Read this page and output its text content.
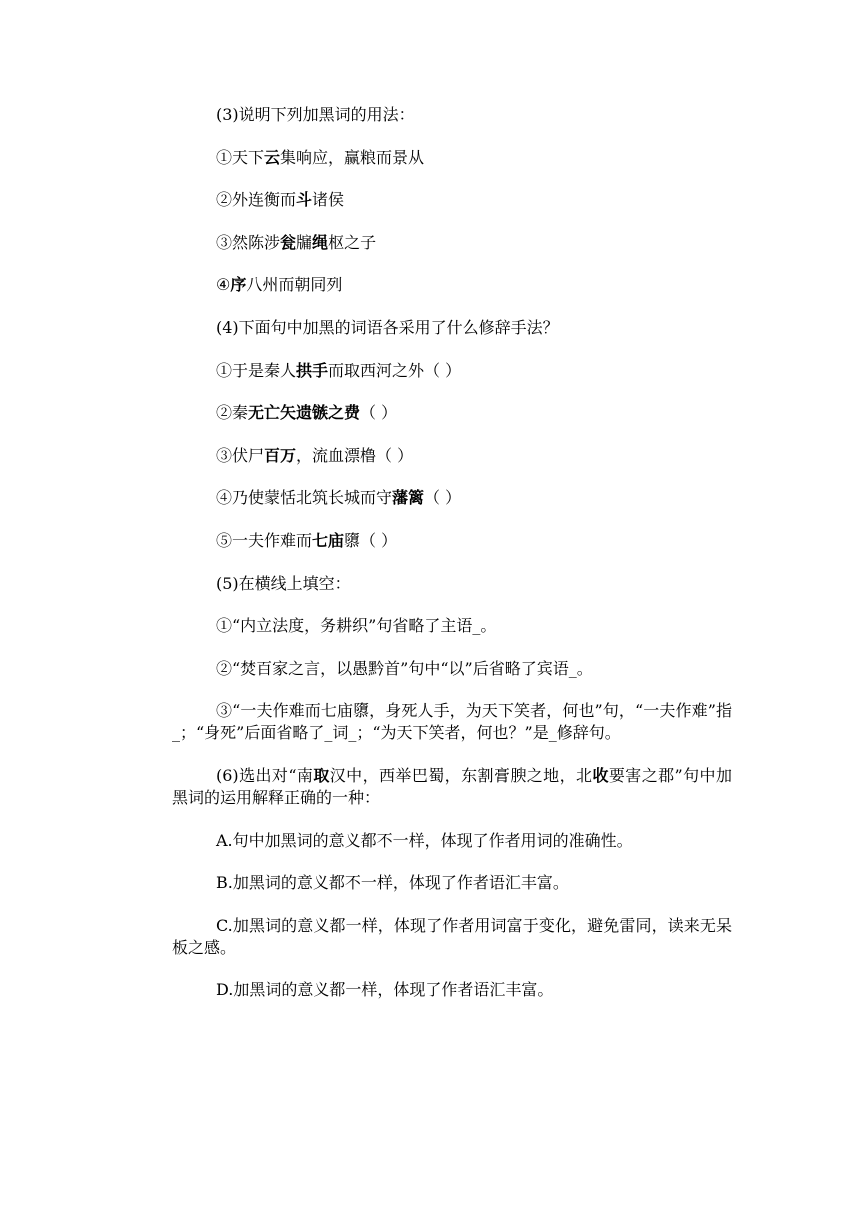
(3)说明下列加黑词的用法：

①天下云集响应，赢粮而景从

②外连衡而斗诸侯

③然陈涉瓮牖绳枢之子

④序八州而朝同列

(4)下面句中加黑的词语各采用了什么修辞手法？

①于是秦人拱手而取西河之外（ ）

②秦无亡矢遗镞之费（ ）

③伏尸百万，流血漂橹（ ）

④乃使蒙恬北筑长城而守藩篱（ ）

⑤一夫作难而七庙隳（ ）

(5)在横线上填空：

①“内立法度，务耕织”句省略了主语_。

②“焚百家之言，以愚黔首”句中“以”后省略了宾语_。

③“一夫作难而七庙隳，身死人手，为天下笑者，何也”句，“一夫作难”指_；“身死”后面省略了_词_；“为天下笑者，何也？”是_修辞句。

(6)选出对“南取汉中，西举巴蜀，东割膏腴之地，北收要害之郡”句中加黑词的运用解释正确的一种：

A.句中加黑词的意义都不一样，体现了作者用词的准确性。

B.加黑词的意义都不一样，体现了作者语汇丰富。

C.加黑词的意义都一样，体现了作者用词富于变化，避免雷同，读来无呆板之感。

D.加黑词的意义都一样，体现了作者语汇丰富。
